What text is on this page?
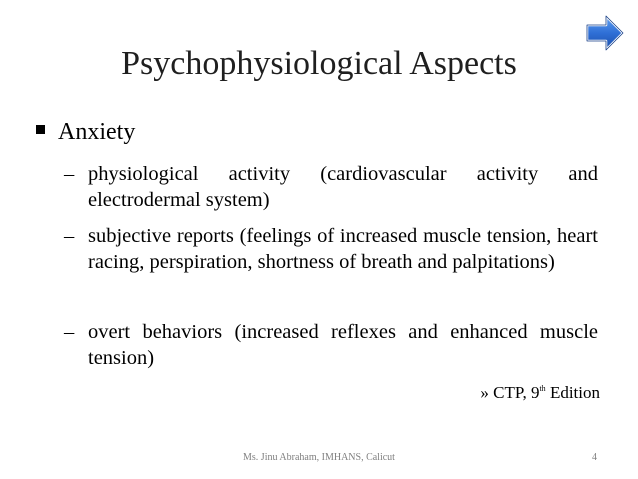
Psychophysiological Aspects
Anxiety
– physiological activity (cardiovascular activity and electrodermal system)
– subjective reports (feelings of increased muscle tension, heart racing, perspiration, shortness of breath and palpitations)
– overt behaviors (increased reflexes and enhanced muscle tension)
» CTP, 9th Edition
Ms. Jinu Abraham, IMHANS, Calicut	4
